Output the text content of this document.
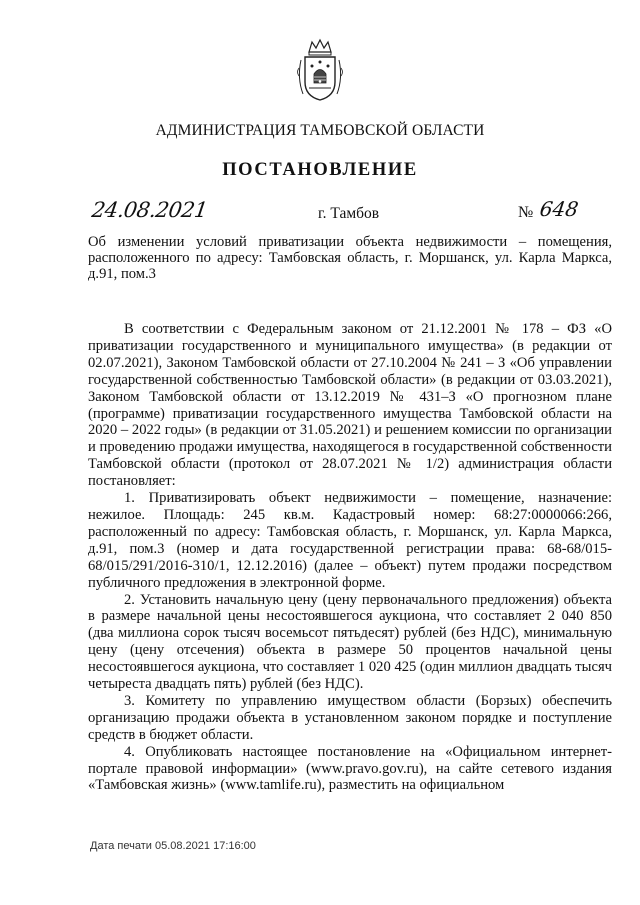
АДМИНИСТРАЦИЯ ТАМБОВСКОЙ ОБЛАСТИ
ПОСТАНОВЛЕНИЕ
24.08.2021	г. Тамбов	№ 648
Об изменении условий приватизации объекта недвижимости – помещения, расположенного по адресу: Тамбовская область, г. Моршанск, ул. Карла Маркса, д.91, пом.3

В соответствии с Федеральным законом от 21.12.2001 № 178 – ФЗ «О приватизации государственного и муниципального имущества» (в редакции от 02.07.2021), Законом Тамбовской области от 27.10.2004 № 241 – З «Об управлении государственной собственностью Тамбовской области» (в редакции от 03.03.2021), Законом Тамбовской области от 13.12.2019 № 431–З «О прогнозном плане (программе) приватизации государственного имущества Тамбовской области на 2020 – 2022 годы» (в редакции от 31.05.2021) и решением комиссии по организации и проведению продажи имущества, находящегося в государственной собственности Тамбовской области (протокол от 28.07.2021 № 1/2) администрация области постановляет:

1. Приватизировать объект недвижимости – помещение, назначение: нежилое. Площадь: 245 кв.м. Кадастровый номер: 68:27:0000066:266, расположенный по адресу: Тамбовская область, г. Моршанск, ул. Карла Маркса, д.91, пом.3 (номер и дата государственной регистрации права: 68-68/015-68/015/291/2016-310/1, 12.12.2016) (далее – объект) путем продажи посредством публичного предложения в электронной форме.

2. Установить начальную цену (цену первоначального предложения) объекта в размере начальной цены несостоявшегося аукциона, что составляет 2 040 850 (два миллиона сорок тысяч восемьсот пятьдесят) рублей (без НДС), минимальную цену (цену отсечения) объекта в размере 50 процентов начальной цены несостоявшегося аукциона, что составляет 1 020 425 (один миллион двадцать тысяч четыреста двадцать пять) рублей (без НДС).

3. Комитету по управлению имуществом области (Борзых) обеспечить организацию продажи объекта в установленном законом порядке и поступление средств в бюджет области.

4. Опубликовать настоящее постановление на «Официальном интернет-портале правовой информации» (www.pravo.gov.ru), на сайте сетевого издания «Тамбовская жизнь» (www.tamlife.ru), разместить на официальном

Дата печати 05.08.2021 17:16:00
